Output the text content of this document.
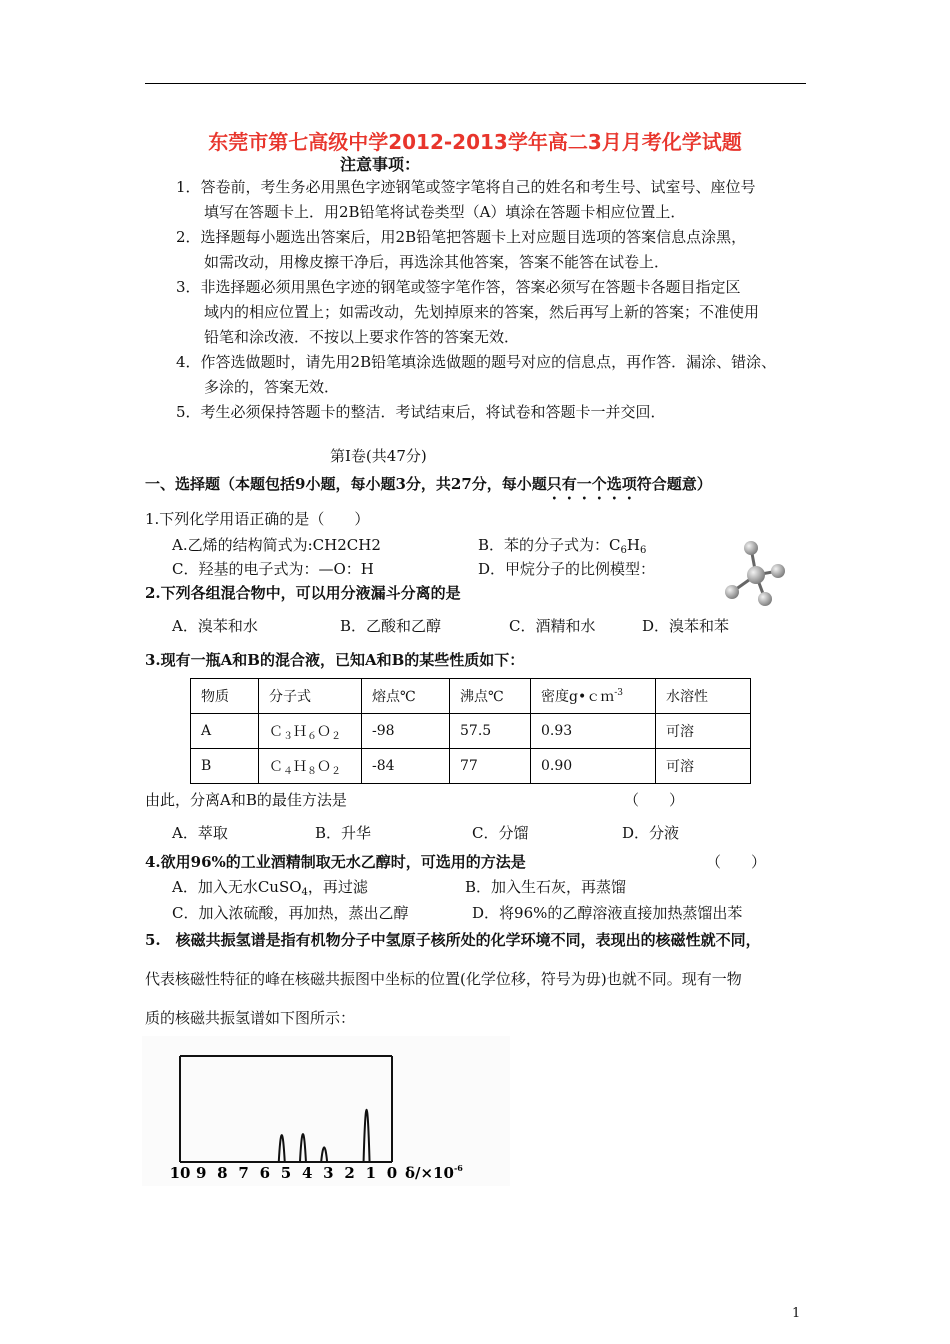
东莞市第七高级中学2012-2013学年高二3月月考化学试题
注意事项：
1．答卷前，考生务必用黑色字迹钢笔或签字笔将自己的姓名和考生号、试室号、座位号
填写在答题卡上．用2B铅笔将试卷类型（A）填涂在答题卡相应位置上．
2．选择题每小题选出答案后，用2B铅笔把答题卡上对应题目选项的答案信息点涂黑，
如需改动，用橡皮擦干净后，再选涂其他答案，答案不能答在试卷上．
3．非选择题必须用黑色字迹的钢笔或签字笔作答，答案必须写在答题卡各题目指定区
域内的相应位置上；如需改动，先划掉原来的答案，然后再写上新的答案；不准使用
铅笔和涂改液．不按以上要求作答的答案无效．
4．作答选做题时，请先用2B铅笔填涂选做题的题号对应的信息点，再作答．漏涂、错涂、
多涂的，答案无效．
5．考生必须保持答题卡的整洁．考试结束后，将试卷和答题卡一并交回．
第Ⅰ卷(共47分)
一、选择题（本题包括9小题，每小题3分，共27分，每小题只有一个选项符合题意）
1.下列化学用语正确的是（　　）
A.乙烯的结构简式为:CH2CH2	B．苯的分子式为：$C_6H_6$
C．羟基的电子式为：—O：H	D．甲烷分子的比例模型：
2.下列各组混合物中，可以用分液漏斗分离的是
A．溴苯和水	B．乙酸和乙醇	C．酒精和水	D．溴苯和苯
3.现有一瓶A和B的混合液，已知A和B的某些性质如下：
物质	分子式	熔点℃	沸点℃	密度g•ｃｍ$^{-3}$	水溶性
A	Ｃ$_3$Ｈ$_6$Ｏ$_2$	-98	57.5	0.93	可溶
B	Ｃ$_4$Ｈ$_8$Ｏ$_2$	-84	77	0.90	可溶
由此，分离A和B的最佳方法是	（　　）
A．萃取	B．升华	C．分馏	D．分液
4.欲用96%的工业酒精制取无水乙醇时，可选用的方法是	（　　）
A．加入无水CuSO$_4$，再过滤	B．加入生石灰，再蒸馏
C．加入浓硫酸，再加热，蒸出乙醇	D．将96%的乙醇溶液直接加热蒸馏出苯
5.　核磁共振氢谱是指有机物分子中氢原子核所处的化学环境不同，表现出的核磁性就不同，
代表核磁性特征的峰在核磁共振图中坐标的位置(化学位移，符号为毋)也就不同。现有一物
质的核磁共振氢谱如下图所示：
10 9 8 7 6 5 4 3 2 1 0 $\delta/\times 10^{-6}$
1
